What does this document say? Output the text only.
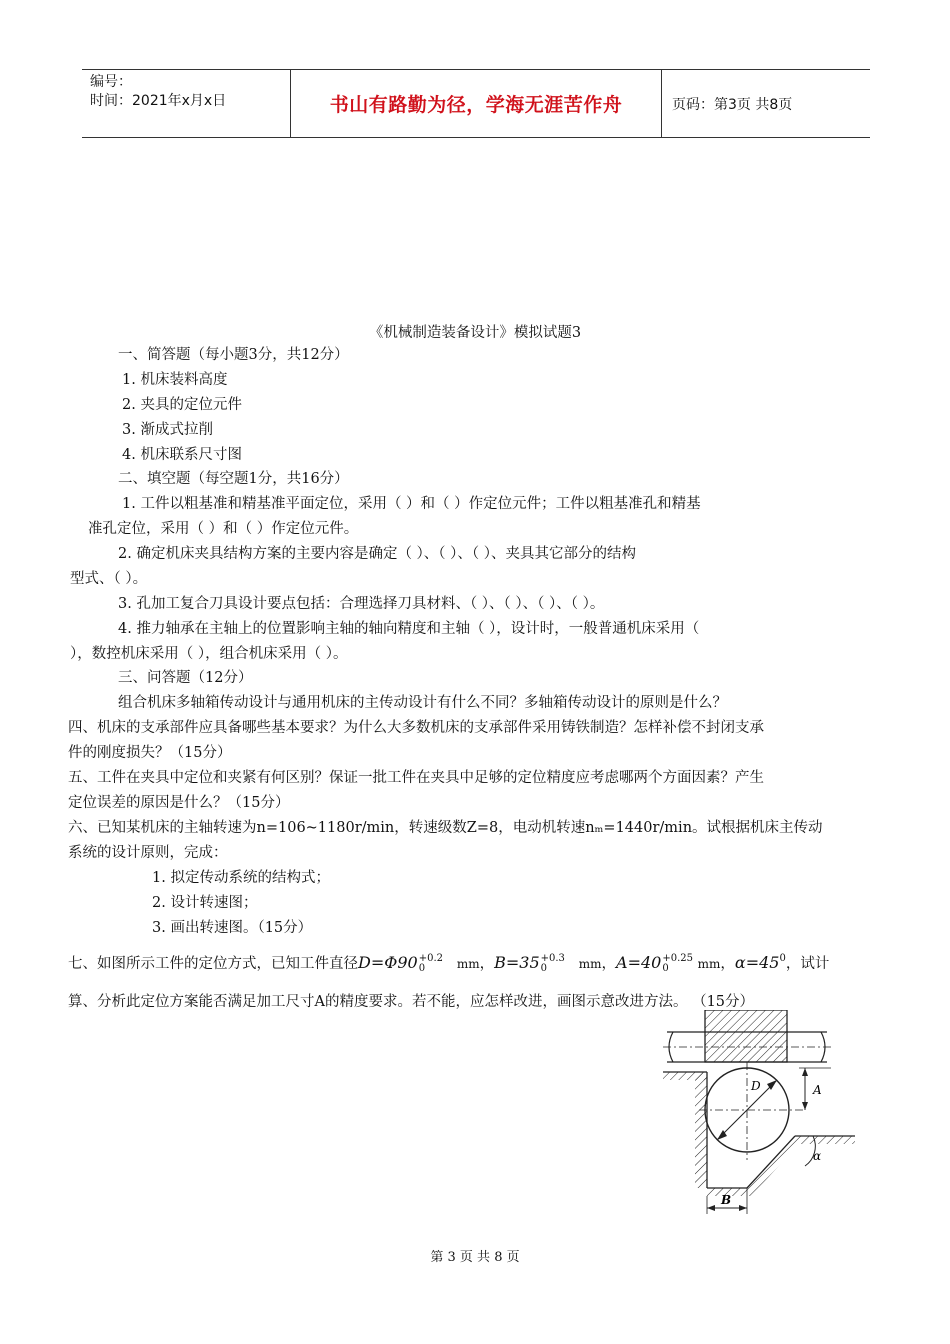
编号：
时间：2021年x月x日	书山有路勤为径，学海无涯苦作舟	页码：第3页 共8页
《机械制造装备设计》模拟试题3
一、简答题（每小题3分，共12分）
1. 机床装料高度
2. 夹具的定位元件
3. 渐成式拉削
4. 机床联系尺寸图
二、填空题（每空题1分，共16分）
1. 工件以粗基准和精基准平面定位，采用（ ）和（ ）作定位元件；工件以粗基准孔和精基
准孔定位，采用（ ）和（ ）作定位元件。
2. 确定机床夹具结构方案的主要内容是确定（ ）、（ ）、（ ）、夹具其它部分的结构
型式、（ ）。
3. 孔加工复合刀具设计要点包括：合理选择刀具材料、（ ）、（ ）、（ ）、（ ）。
4. 推力轴承在主轴上的位置影响主轴的轴向精度和主轴（ ），设计时，一般普通机床采用（
），数控机床采用（ ），组合机床采用（ ）。
三、问答题（12分）
组合机床多轴箱传动设计与通用机床的主传动设计有什么不同？多轴箱传动设计的原则是什么？
四、机床的支承部件应具备哪些基本要求？为什么大多数机床的支承部件采用铸铁制造？怎样补偿不封闭支承
件的刚度损失？（15分）
五、工件在夹具中定位和夹紧有何区别？保证一批工件在夹具中足够的定位精度应考虑哪两个方面因素？产生
定位误差的原因是什么？（15分）
六、已知某机床的主轴转速为n=106~1180r/min，转速级数Z=8，电动机转速nₘ=1440r/min。试根据机床主传动
系统的设计原则，完成：
1. 拟定传动系统的结构式；
2. 设计转速图；
3. 画出转速图。（15分）
七、如图所示工件的定位方式，已知工件直径D=Φ90+0.2
0	mm，B=35+0.3
0	mm，A=40+0.25
0 mm，$\alpha=45^0$，试计
算、分析此定位方案能否满足加工尺寸A的精度要求。若不能，应怎样改进，画图示意改进方法。 （15分）
D	A
α
B
第 3 页 共 8 页
